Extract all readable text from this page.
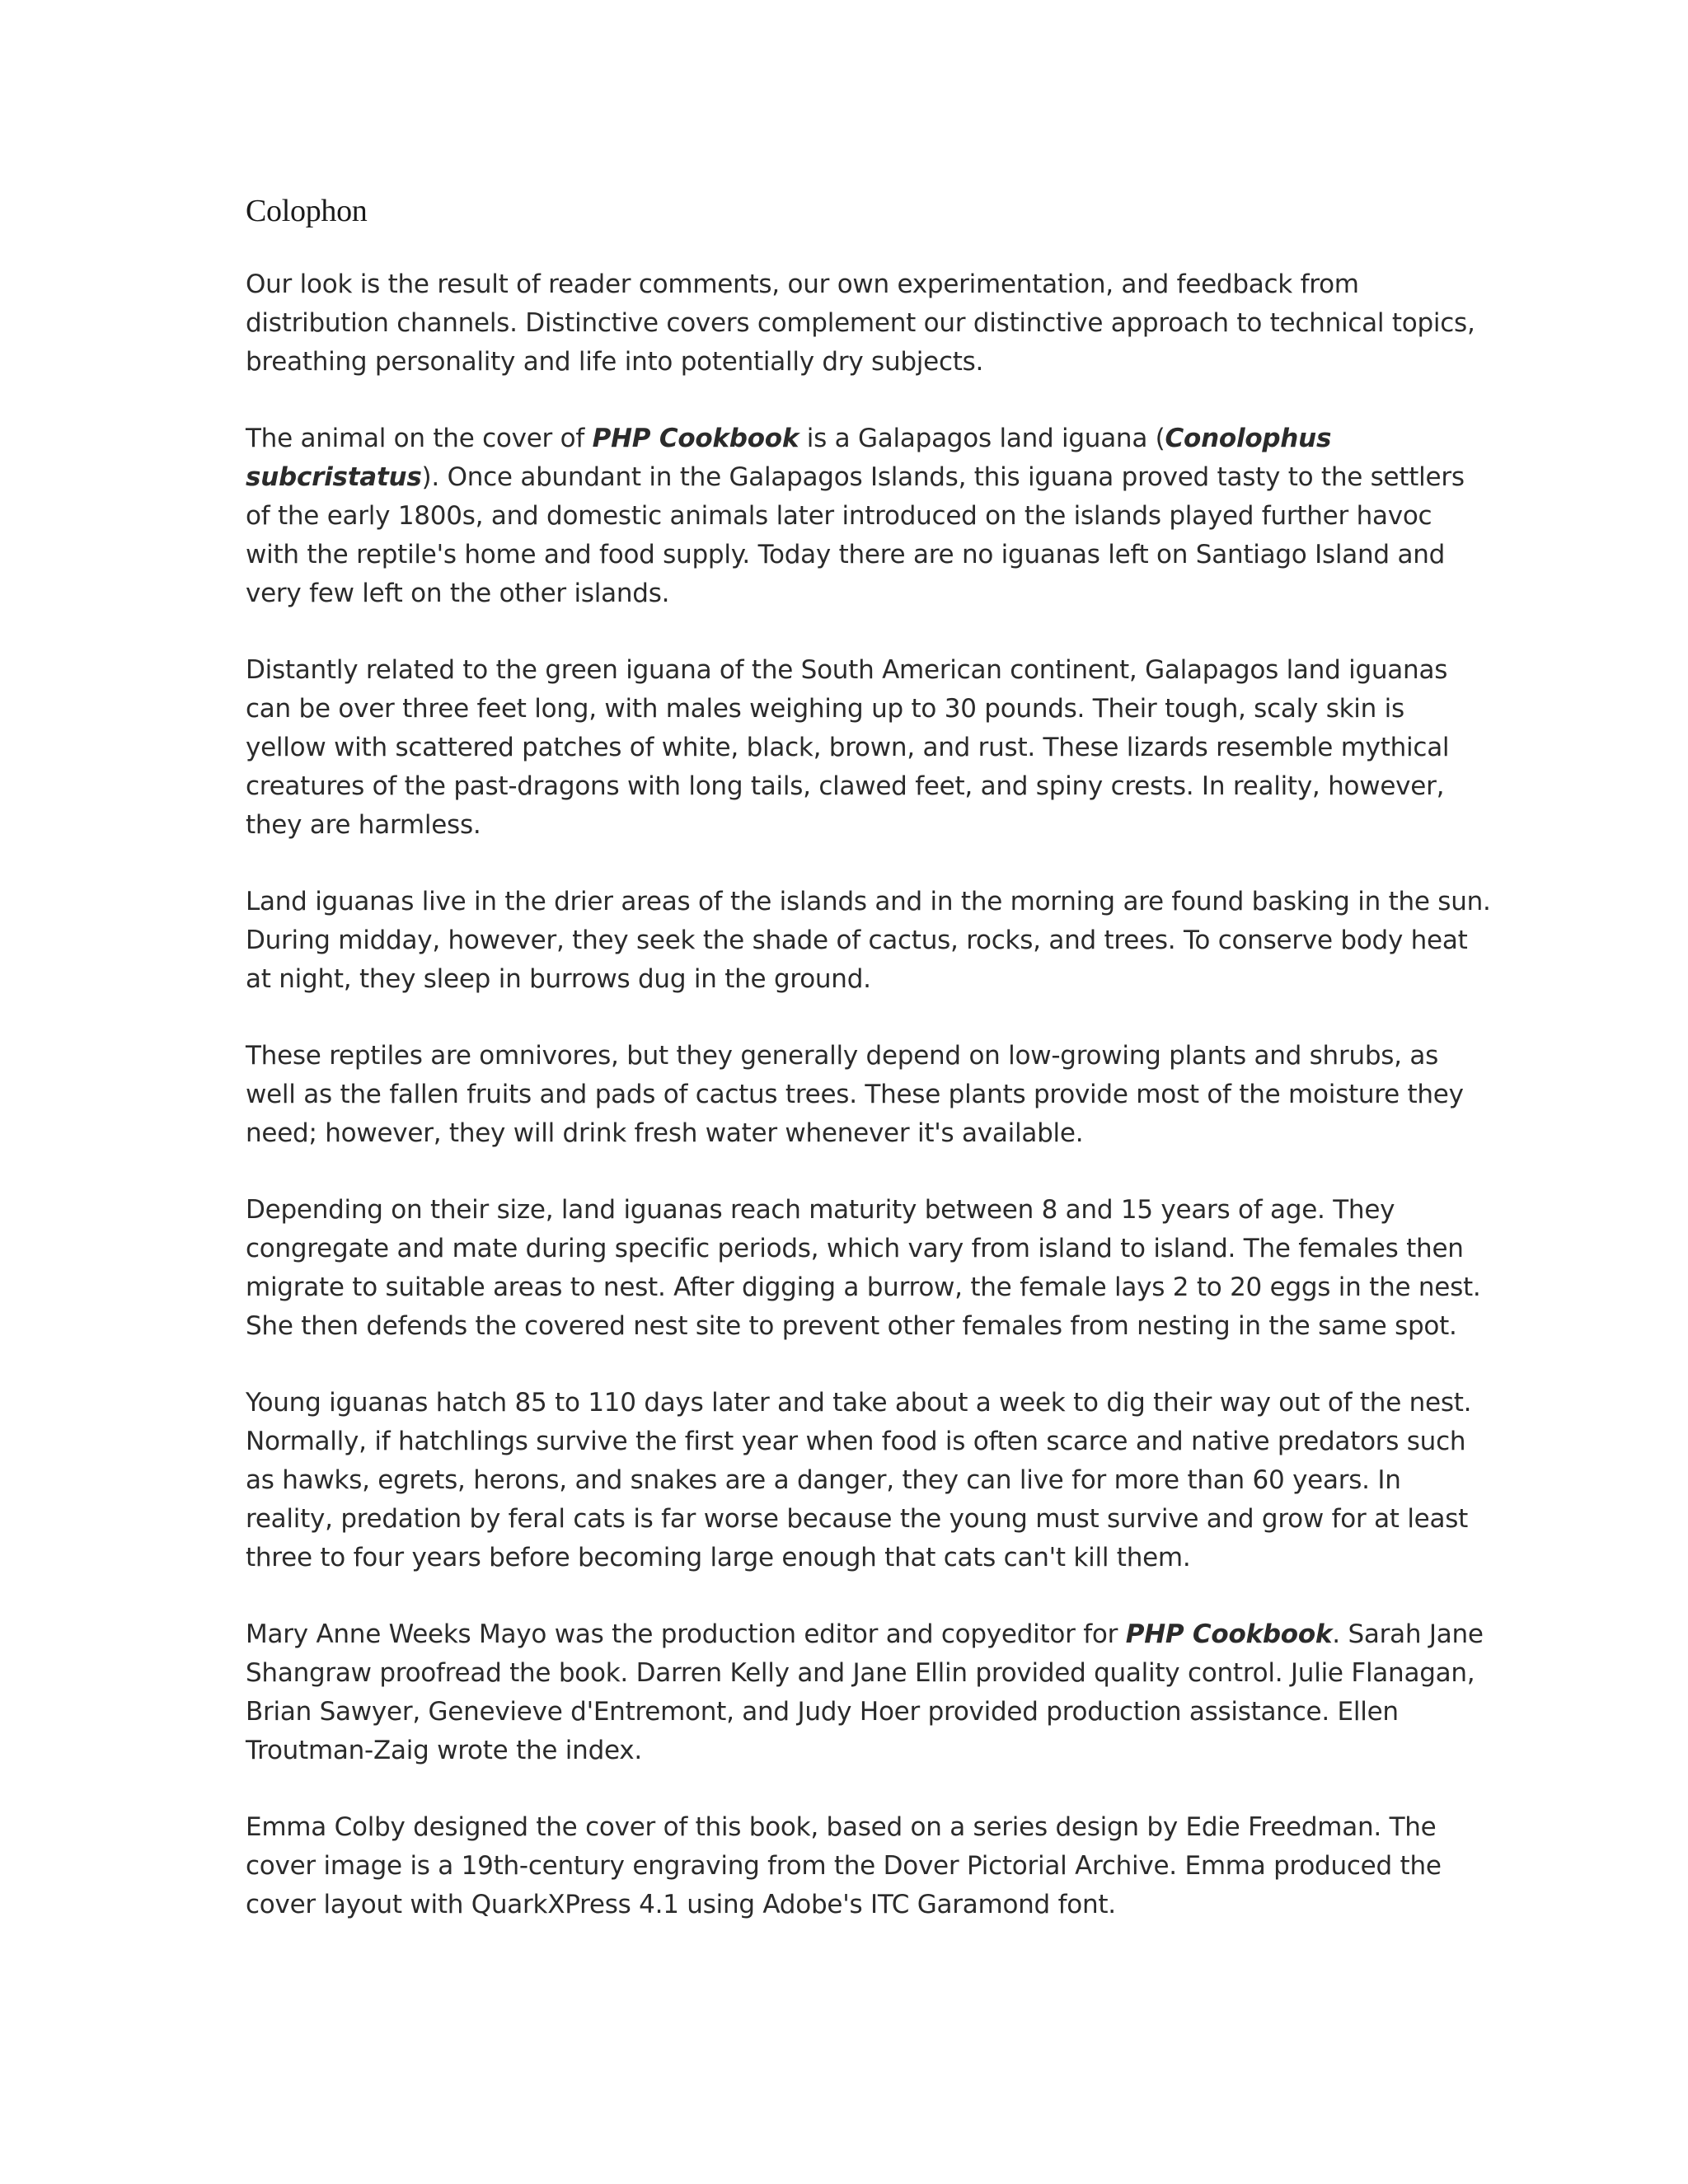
Colophon

Our look is the result of reader comments, our own experimentation, and feedback from distribution channels. Distinctive covers complement our distinctive approach to technical topics, breathing personality and life into potentially dry subjects.

The animal on the cover of PHP Cookbook is a Galapagos land iguana (Conolophus subcristatus). Once abundant in the Galapagos Islands, this iguana proved tasty to the settlers of the early 1800s, and domestic animals later introduced on the islands played further havoc with the reptile's home and food supply. Today there are no iguanas left on Santiago Island and very few left on the other islands.

Distantly related to the green iguana of the South American continent, Galapagos land iguanas can be over three feet long, with males weighing up to 30 pounds. Their tough, scaly skin is yellow with scattered patches of white, black, brown, and rust. These lizards resemble mythical creatures of the past-dragons with long tails, clawed feet, and spiny crests. In reality, however, they are harmless.

Land iguanas live in the drier areas of the islands and in the morning are found basking in the sun. During midday, however, they seek the shade of cactus, rocks, and trees. To conserve body heat at night, they sleep in burrows dug in the ground.

These reptiles are omnivores, but they generally depend on low-growing plants and shrubs, as well as the fallen fruits and pads of cactus trees. These plants provide most of the moisture they need; however, they will drink fresh water whenever it's available.

Depending on their size, land iguanas reach maturity between 8 and 15 years of age. They congregate and mate during specific periods, which vary from island to island. The females then migrate to suitable areas to nest. After digging a burrow, the female lays 2 to 20 eggs in the nest. She then defends the covered nest site to prevent other females from nesting in the same spot.

Young iguanas hatch 85 to 110 days later and take about a week to dig their way out of the nest. Normally, if hatchlings survive the first year when food is often scarce and native predators such as hawks, egrets, herons, and snakes are a danger, they can live for more than 60 years. In reality, predation by feral cats is far worse because the young must survive and grow for at least three to four years before becoming large enough that cats can't kill them.

Mary Anne Weeks Mayo was the production editor and copyeditor for PHP Cookbook. Sarah Jane Shangraw proofread the book. Darren Kelly and Jane Ellin provided quality control. Julie Flanagan, Brian Sawyer, Genevieve d'Entremont, and Judy Hoer provided production assistance. Ellen Troutman-Zaig wrote the index.

Emma Colby designed the cover of this book, based on a series design by Edie Freedman. The cover image is a 19th-century engraving from the Dover Pictorial Archive. Emma produced the cover layout with QuarkXPress 4.1 using Adobe's ITC Garamond font.
